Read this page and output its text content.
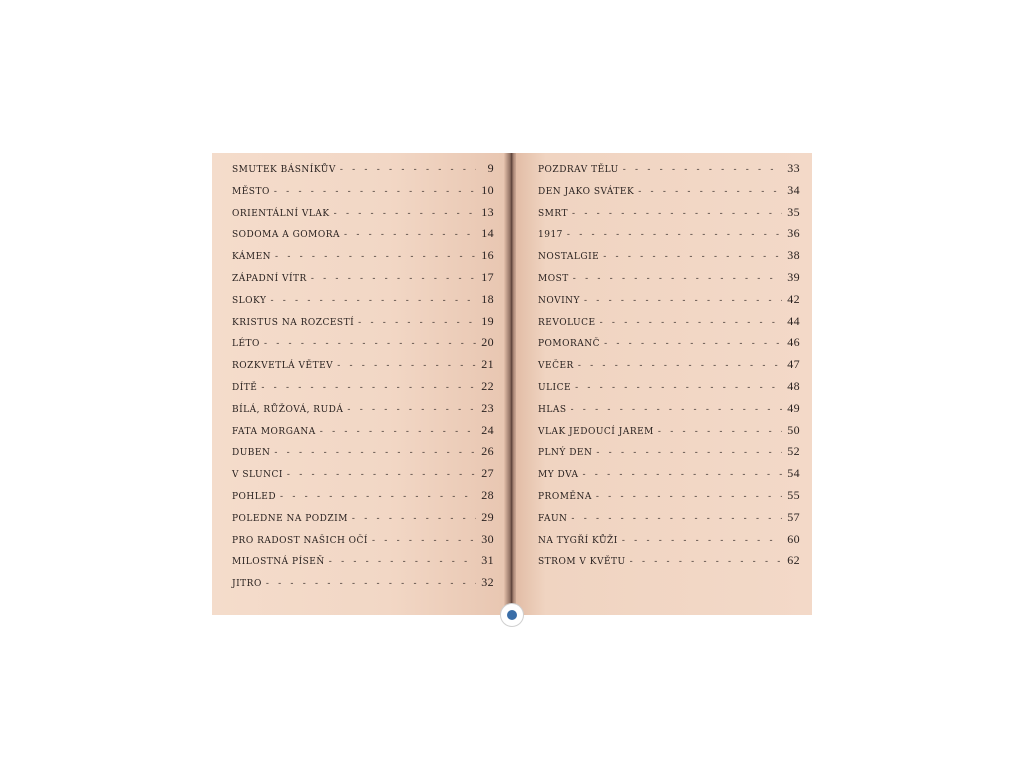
SMUTEK BÁSNÍKŮV - - -	9
MĚSTO - - -	10
ORIENTÁLNÍ VLAK - - -	13
SODOMA A GOMORA - - -	14
KÁMEN - - -	16
ZÁPADNÍ VÍTR - - -	17
SLOKY - - -	18
KRISTUS NA ROZCESTÍ - - -	19
LÉTO - - -	20
ROZKVETLÁ VĚTEV - - -	21
DÍTĚ - - -	22
BÍLÁ, RŮŽOVÁ, RUDÁ - - -	23
FATA MORGANA - - -	24
DUBEN - - -	26
V SLUNCI - - -	27
POHLED - - -	28
POLEDNE NA PODZIM - - -	29
PRO RADOST NAŠICH OČÍ - - -	30
MILOSTNÁ PÍSEŇ - - -	31
JITRO - - -	32
POZDRAV TĚLU - - -	33
DEN JAKO SVÁTEK - - -	34
SMRT - - -	35
1917 - - -	36
NOSTALGIE - - -	38
MOST - - -	39
NOVINY - - -	42
REVOLUCE - - -	44
POMORANČ - - -	46
VEČER - - -	47
ULICE - - -	48
HLAS - - -	49
VLAK JEDOUCÍ JAREM - - -	50
PLNÝ DEN - - -	52
MY DVA - - -	54
PROMĚNA - - -	55
FAUN - - -	57
NA TYGŘÍ KŮŽI - - -	60
STROM V KVĚTU - - -	62
